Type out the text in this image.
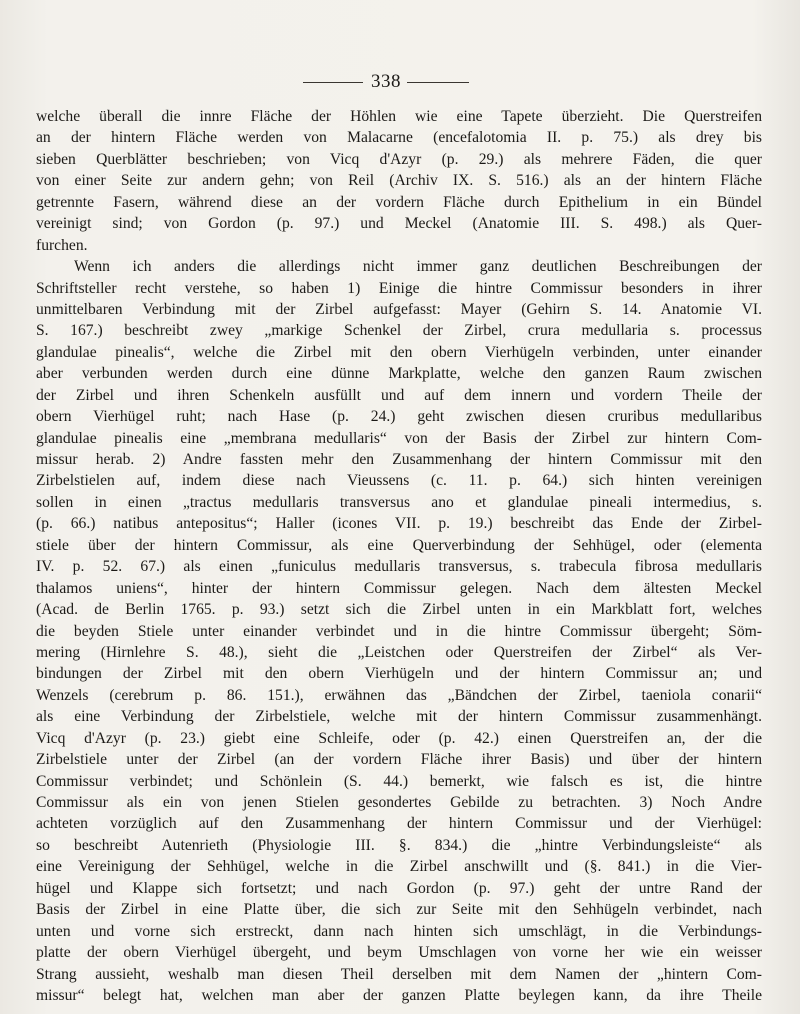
338
welche überall die innre Fläche der Höhlen wie eine Tapete überzieht. Die Querstreifen
an der hintern Fläche werden von Malacarne (encefalotomia II. p. 75.) als drey bis
sieben Querblätter beschrieben; von Vicq d'Azyr (p. 29.) als mehrere Fäden, die quer
von einer Seite zur andern gehn; von Reil (Archiv IX. S. 516.) als an der hintern Fläche
getrennte Fasern, während diese an der vordern Fläche durch Epithelium in ein Bündel
vereinigt sind; von Gordon (p. 97.) und Meckel (Anatomie III. S. 498.) als Quer-
furchen.
Wenn ich anders die allerdings nicht immer ganz deutlichen Beschreibungen der
Schriftsteller recht verstehe, so haben 1) Einige die hintre Commissur besonders in ihrer
unmittelbaren Verbindung mit der Zirbel aufgefasst: Mayer (Gehirn S. 14. Anatomie VI.
S. 167.) beschreibt zwey „markige Schenkel der Zirbel, crura medullaria s. processus
glandulae pinealis“, welche die Zirbel mit den obern Vierhügeln verbinden, unter einander
aber verbunden werden durch eine dünne Markplatte, welche den ganzen Raum zwischen
der Zirbel und ihren Schenkeln ausfüllt und auf dem innern und vordern Theile der
obern Vierhügel ruht; nach Hase (p. 24.) geht zwischen diesen cruribus medullaribus
glandulae pinealis eine „membrana medullaris“ von der Basis der Zirbel zur hintern Com-
missur herab. 2) Andre fassten mehr den Zusammenhang der hintern Commissur mit den
Zirbelstielen auf, indem diese nach Vieussens (c. 11. p. 64.) sich hinten vereinigen
sollen in einen „tractus medullaris transversus ano et glandulae pineali intermedius, s.
(p. 66.) natibus antepositus“; Haller (icones VII. p. 19.) beschreibt das Ende der Zirbel-
stiele über der hintern Commissur, als eine Querverbindung der Sehhügel, oder (elementa
IV. p. 52. 67.) als einen „funiculus medullaris transversus, s. trabecula fibrosa medullaris
thalamos uniens“, hinter der hintern Commissur gelegen. Nach dem ältesten Meckel
(Acad. de Berlin 1765. p. 93.) setzt sich die Zirbel unten in ein Markblatt fort, welches
die beyden Stiele unter einander verbindet und in die hintre Commissur übergeht; Söm-
mering (Hirnlehre S. 48.), sieht die „Leistchen oder Querstreifen der Zirbel“ als Ver-
bindungen der Zirbel mit den obern Vierhügeln und der hintern Commissur an; und
Wenzels (cerebrum p. 86. 151.), erwähnen das „Bändchen der Zirbel, taeniola conarii“
als eine Verbindung der Zirbelstiele, welche mit der hintern Commissur zusammenhängt.
Vicq d'Azyr (p. 23.) giebt eine Schleife, oder (p. 42.) einen Querstreifen an, der die
Zirbelstiele unter der Zirbel (an der vordern Fläche ihrer Basis) und über der hintern
Commissur verbindet; und Schönlein (S. 44.) bemerkt, wie falsch es ist, die hintre
Commissur als ein von jenen Stielen gesondertes Gebilde zu betrachten. 3) Noch Andre
achteten vorzüglich auf den Zusammenhang der hintern Commissur und der Vierhügel:
so beschreibt Autenrieth (Physiologie III. §. 834.) die „hintre Verbindungsleiste“ als
eine Vereinigung der Sehhügel, welche in die Zirbel anschwillt und (§. 841.) in die Vier-
hügel und Klappe sich fortsetzt; und nach Gordon (p. 97.) geht der untre Rand der
Basis der Zirbel in eine Platte über, die sich zur Seite mit den Sehhügeln verbindet, nach
unten und vorne sich erstreckt, dann nach hinten sich umschlägt, in die Verbindungs-
platte der obern Vierhügel übergeht, und beym Umschlagen von vorne her wie ein weisser
Strang aussieht, weshalb man diesen Theil derselben mit dem Namen der „hintern Com-
missur“ belegt hat, welchen man aber der ganzen Platte beylegen kann, da ihre Theile
